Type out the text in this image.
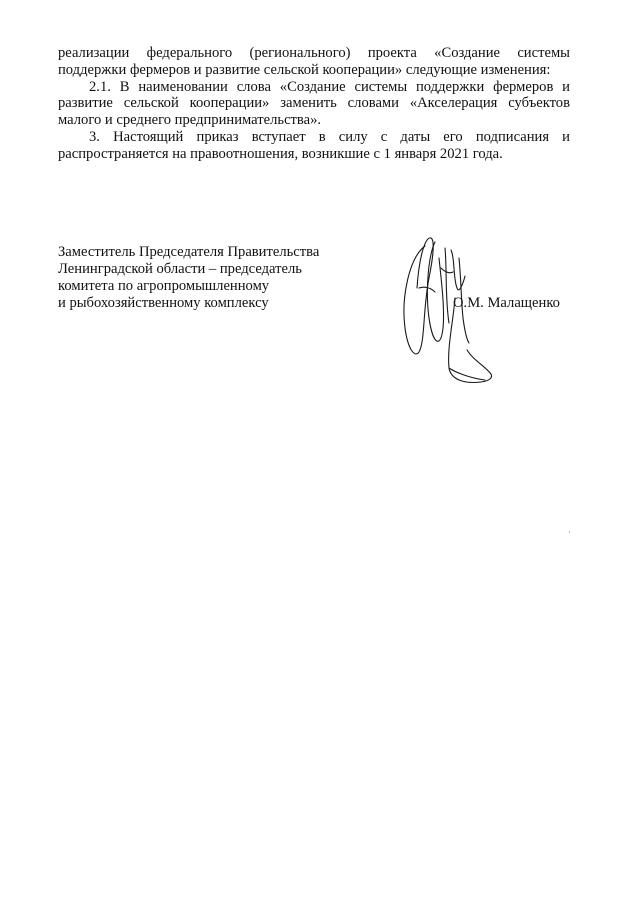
реализации федерального (регионального) проекта «Создание системы поддержки фермеров и развитие сельской кооперации» следующие изменения:

2.1. В наименовании слова «Создание системы поддержки фермеров и развитие сельской кооперации» заменить словами «Акселерация субъектов малого и среднего предпринимательства».

3. Настоящий приказ вступает в силу с даты его подписания и распространяется на правоотношения, возникшие с 1 января 2021 года.

Заместитель Председателя Правительства
Ленинградской области – председатель
комитета по агропромышленному
и рыбохозяйственному комплексу	О.М. Малащенко
